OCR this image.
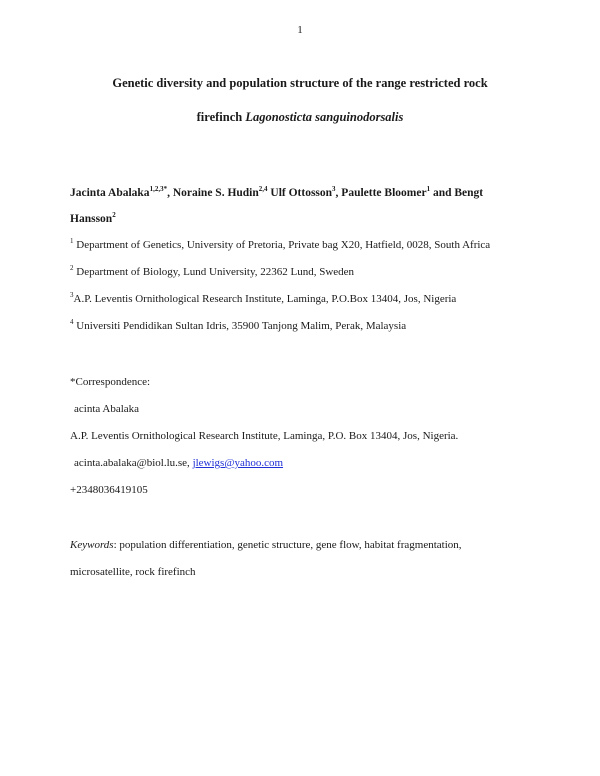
1
Genetic diversity and population structure of the range restricted rock
firefinch Lagonosticta sanguinodorsalis
Jacinta Abalaka$^{1,2,3*}$, Noraine S. Hudin$^{2,4}$ Ulf Ottosson$^3$, Paulette Bloomer$^1$ and Bengt
Hansson$^2$
$^1$ Department of Genetics, University of Pretoria, Private bag X20, Hatfield, 0028, South Africa
$^2$ Department of Biology, Lund University, 22362 Lund, Sweden
$^3$A.P. Leventis Ornithological Research Institute, Laminga, P.O.Box 13404, Jos, Nigeria
$^4$ Universiti Pendidikan Sultan Idris, 35900 Tanjong Malim, Perak, Malaysia
*Correspondence:
acinta Abalaka
A.P. Leventis Ornithological Research Institute, Laminga, P.O. Box 13404, Jos, Nigeria.
acinta.abalaka@biol.lu.se, jlewigs@yahoo.com
+2348036419105
Keywords: population differentiation, genetic structure, gene flow, habitat fragmentation,
microsatellite, rock firefinch
